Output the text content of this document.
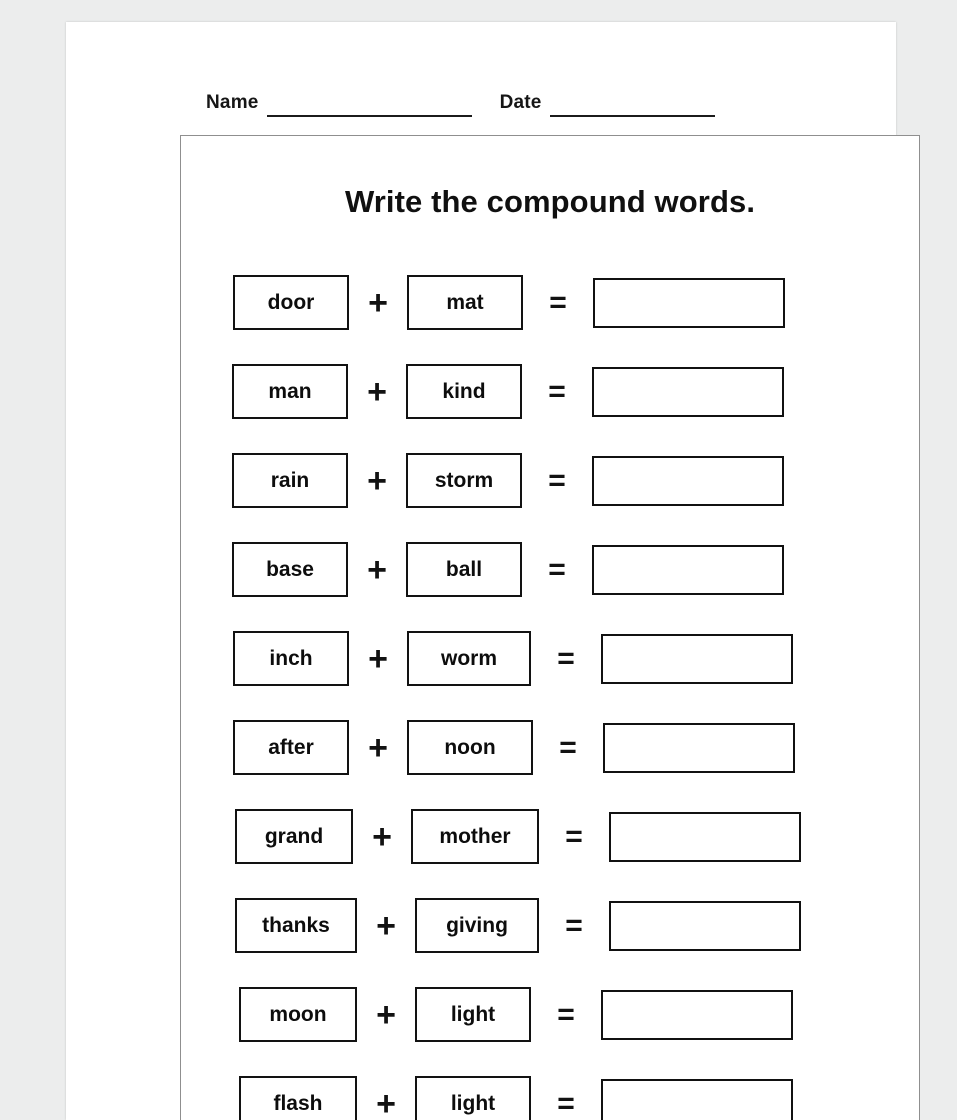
Name	Date
Write the compound words.
door	+	mat	=
man	+	kind	=
rain	+	storm	=
base	+	ball	=
inch	+	worm	=
after	+	noon	=
grand	+	mother	=
thanks	+	giving	=
moon	+	light	=
flash	+	light	=
